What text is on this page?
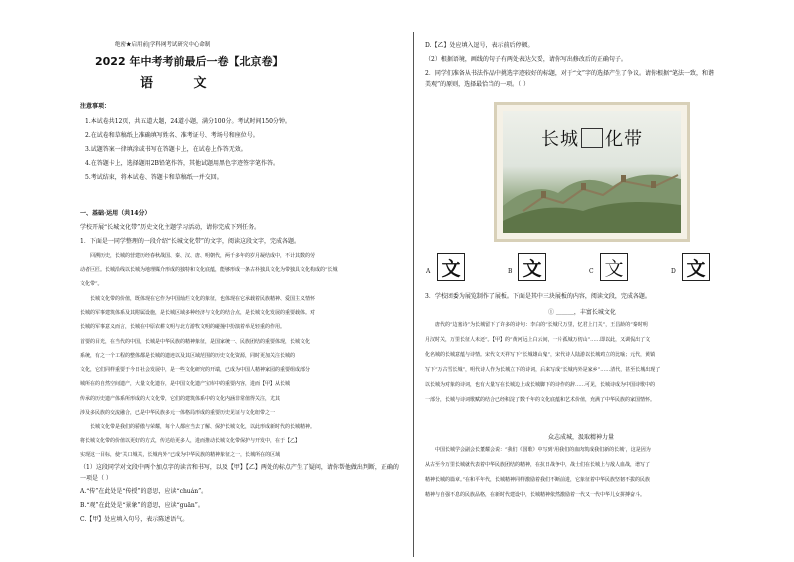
绝密★启用前|学科网考试研究中心命制
2022 年中考考前最后一卷【北京卷】
语 文
注意事项：
1.本试卷共12页，共五道大题，24道小题，满分100分。考试时间150分钟。
2.在试卷和草稿纸上准确填写姓名、准考证号、考场号和座位号。
3.试题答案一律填涂或书写在答题卡上，在试卷上作答无效。
4.在答题卡上，选择题用2B铅笔作答，其他试题用黑色字迹签字笔作答。
5.考试结束，将本试卷、答题卡和草稿纸一并交回。
一、基础·运用（共14分）
学校开展“长城文化带”历史文化主题学习活动，请你完成下列任务。
1．下面是一同学整理的一段介绍“长城文化带”的文字，阅读这段文字，完成各题。
回溯历史，长城的营建历经春秋战国、秦、汉、唐、明朝代，两千多年的岁月凝结成中，不计其数的劳
动者巨匠。长城沿线以长城为地理媒介形成的独特和文化底蕴，能够形成一条古朴独具文化为带独具文化构成的“长城
文化带”。
长城文化带的价值，既体现在它作为中国灿烂文化的象征，也体现在它承载着民族精神、爱国主义情怀
长城的军事建筑体系及其附属设施，是长城区域多种经济与文化的结合点，是长城文化发展的重要载体。对
长城的军事意义而言，长城在中原农耕文明与北方游牧文明的碰撞中扮演着举足轻重的作用。
首要的目光，在当代的中国，长城是中华民族的精神象征，是国家统一、民族团结的重要体现，长城文化
系统，有之一个工程的整体都是长城的遗迹以及其区域范围的历史文化资源，同时更加关注长城的
文化，它们同样重要于今日社会发展中，是一些文化研究的开端，已成为中国人精神家园的重要组成部分
城所在的自然空间遗产，大量文化遗存，是中国文化遗产宝库中的重要内容，进而【甲】从长城
传承的历史遗产体系所形成的大文化带，它们的建筑体系中的文化内涵非常值得关注，尤其
涉及多民族的交流融合，已是中华民族多元一体格局形成的重要历史见证与文化纽带之一
长城文化带是我们的骄傲与荣耀，每个人都应当去了解、保护长城文化，以此形成新时代的长城精神。
将长城文化带的价值以更好的方式，传达给更多人，进而推动长城文化带保护与开发中，在于【乙】
实现这一目标，使“关口城关，长城内外”已成为中华民族的精神象征之一，长城所在的区域
（1）这段同学对文段中两个加点字的读音和书写，以及【甲】【乙】两处的标点产生了疑问，请你帮他做出判断，正确的一项是（ ）
A.“传”在此处是“传授”的意思，应读“chuán”。
B.“观”在此处是“景象”的意思，应读“guān”。
C.【甲】处应填入句号，表示陈述语气。
D.【乙】处应填入逗号，表示前后停顿。
（2）根据语境，画线的句子有两处表达欠妥，请你写出修改后的正确句子。
2．同学们准备从书法作品中挑选字迹较好的标题，对于“文”字的选择产生了争议。请你根据“笔法一致，和谐美观”的原则，选择最恰当的一项。（ ）
长城 化带
A 文	B 文	C 文	D 文
3．学校团委为展览制作了展板。下面是其中三块展板的内容，阅读文段，完成各题。
① ＿＿＿，丰富长城文化
唐代的“边塞诗”为长城留下了许多的诗句：李白的“长城尺万里，忆君上门关”，王昌龄的“秦时明
月汉时关，万里长征人未还”。【甲】的“黄河远上白云间，一片孤城万仞山”……即以此，又调侃出了文
化名城的长城意蕴与诗情。宋代文天祥写下“长城雄山鬼”，宋代诗人陆游以长城鸡立的比喻；元代，黄镇
写下“万古雪长城”，明代诗人作为长城立下的诗词，后来写成“长城内外是家乡”……清代，甚至长城出现了
以长城为对象的诗词，也有大量写在长城边上或长城脚下的诗作的辞……可见，长城诗成为中国诗歌中的
一部分，长城与诗词歌赋的结合已经积淀了数千年的文化底蕴和艺术价值，充满了中华民族的家国情怀。
众志成城，汲取精神力量
中国长城学会副会长董耀会说：“我们《国歌》中写到‘用我们的血肉筑成我们新的长城’，这是因为
从古至今万里长城就代表着中华民族团结的精神，在抗日战争中，战士们在长城上与敌人血战，谱写了
精神长城的篇章。”在和平年代，长城精神同样激励着我们不断前进，它象征着中华民族坚韧不拔的民族
精神与自强不息的民族品格，在新时代建设中，长城精神依然激励着一代又一代中华儿女拼搏奋斗。
